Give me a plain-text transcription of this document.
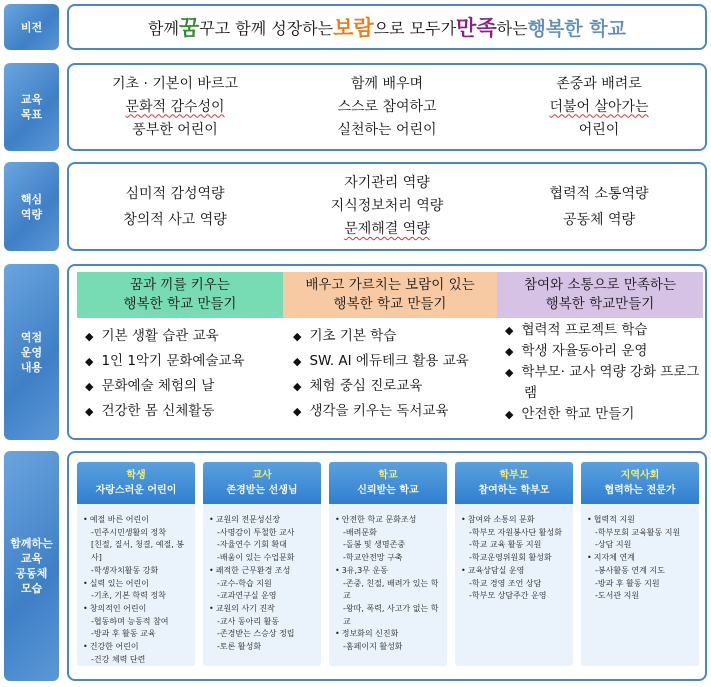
비전
교육
목표
핵심
역량
역점
운영
내용
함께하는
교육
공동체
모습
함께 꿈 꾸고 함께 성장하는 보람 으로 모두가 만족 하는 행복한 학교
기초 · 기본이 바르고
문화적 감수성이
풍부한 어린이
함께 배우며
스스로 참여하고
실천하는 어린이
존중과 배려로
더불어 살아가는
어린이
심미적 감성역량
창의적 사고 역량
자기관리 역량
지식정보처리 역량
문제해결 역량
협력적 소통역량
공동체 역량
꿈과 끼를 키우는
행복한 학교 만들기
배우고 가르치는 보람이 있는
행복한 학교 만들기
참여와 소통으로 만족하는
행복한 학교만들기
◆ 기본 생활 습관 교육
◆ 1인 1악기 문화예술교육
◆ 문화예술 체험의 날
◆ 건강한 몸 신체활동
◆ 기초 기본 학습
◆ SW. AI 에듀테크 활용 교육
◆ 체험 중심 진로교육
◆ 생각을 키우는 독서교육
◆ 협력적 프로젝트 학습
◆ 학생 자율동아리 운영
◆ 학부모· 교사 역량 강화 프로그램
◆ 안전한 학교 만들기
학생
자랑스러운 어린이
• 예절 바른 어린이
-민주시민생활의 정착
[친절, 질서, 청결, 예절, 봉사]
-학생자치활동 강화
• 실력 있는 어린이
-기초, 기본 학력 정착
• 창의적인 어린이
-협동하며 능동적 참여
-방과 후 활동 교육
• 건강한 어린이
-건강 체력 단련
교사
존경받는 선생님
• 교원의 전문성신장
-사명감이 투철한 교사
-자율연수 기회 확대
-배움이 있는 수업문화
• 쾌적한 근무환경 조성
-교수-학습 지원
-교과연구실 운영
• 교원의 사기 진작
-교사 동아리 활동
-존경받는 스승상 정립
-토론 활성화
학교
신뢰받는 학교
• 안전한 학교 문화조성
-배려문화
-돌봄 및 생명존중
-학교안전망 구축
• 3유,3무 운동
-존중, 친절, 배려가 있는 학교
-왕따, 폭력, 사고가 없는 학교
• 정보화의 신진화
-홈페이지 활성화
학부모
참여하는 학부모
• 참여와 소통의 문화
-학부모 자원봉사단 활성화
-학교 교육 활동 지원
-학교운영위원회 활성화
• 교육상담실 운영
-학교 경영 조언 상담
-학부모 상담주간 운영
지역사회
협력하는 전문가
• 협력적 지원
-학부모회 교육활동 지원
-상담 지원
• 지자체 연계
-봉사활동 연계 지도
-방과 후 활동 지원
-도서관 지원
